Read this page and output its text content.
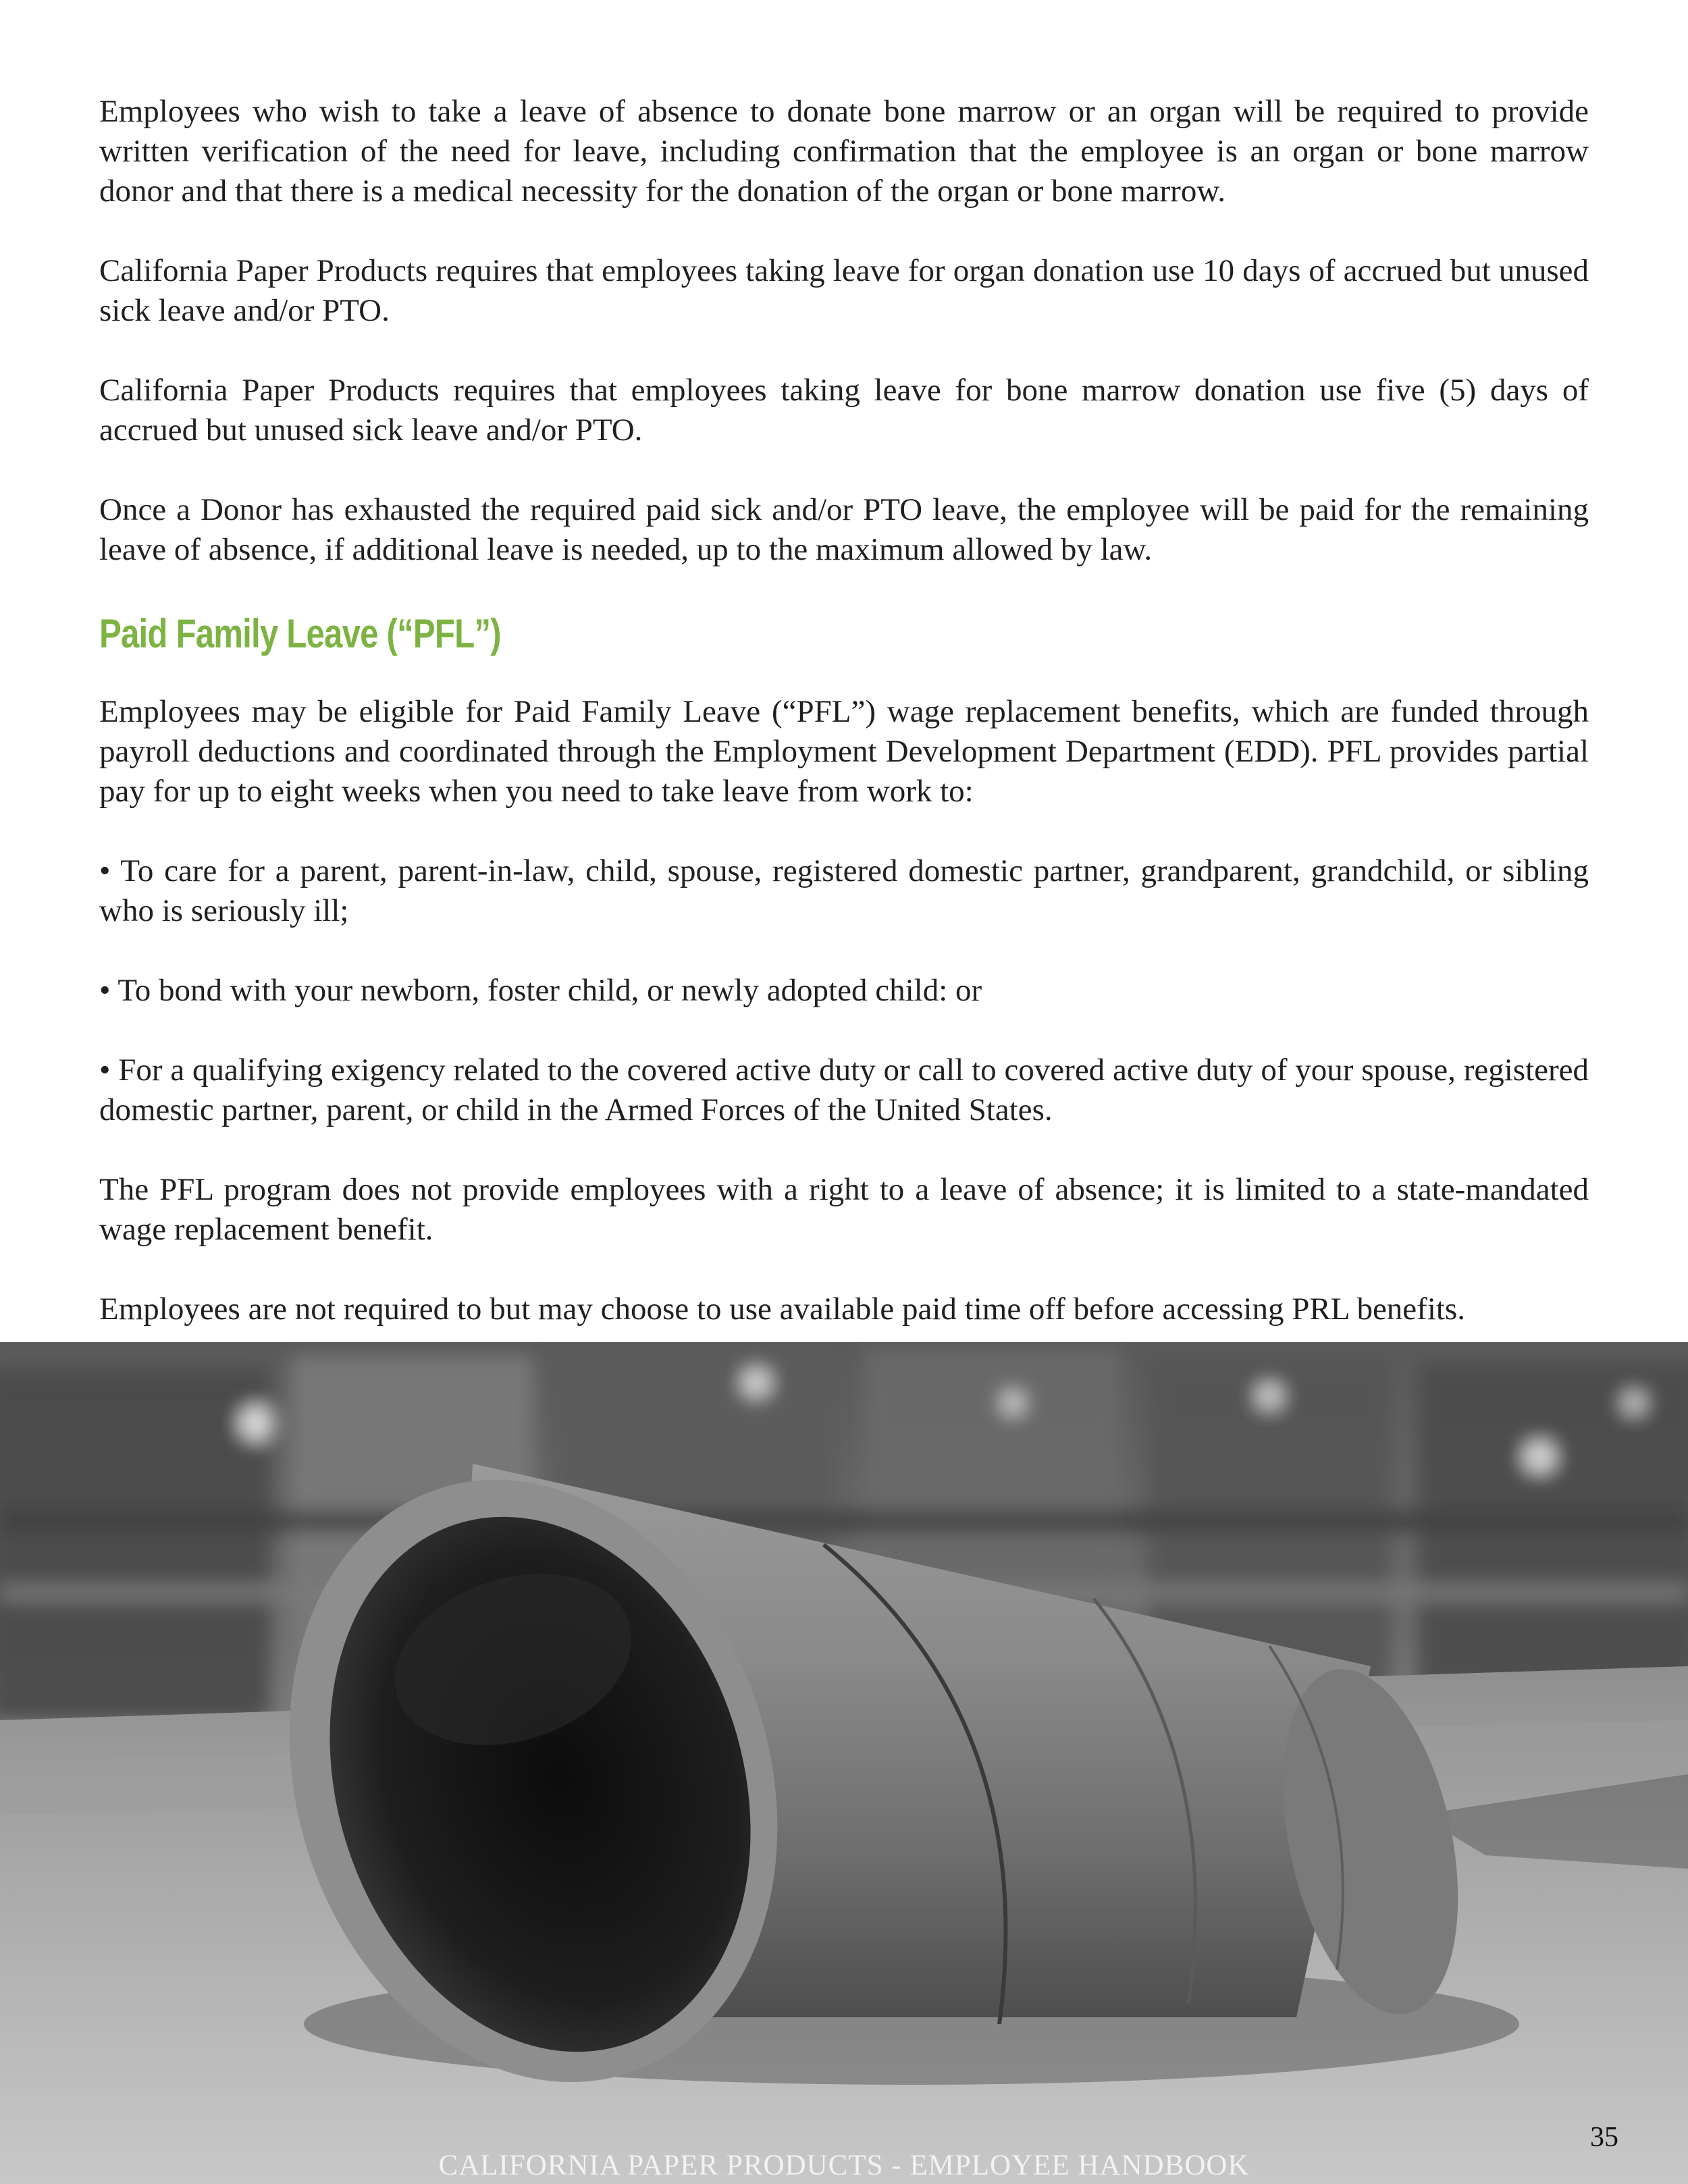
Employees who wish to take a leave of absence to donate bone marrow or an organ will be required to provide written verification of the need for leave, including confirmation that the employee is an organ or bone marrow donor and that there is a medical necessity for the donation of the organ or bone marrow.

California Paper Products requires that employees taking leave for organ donation use 10 days of accrued but unused sick leave and/or PTO.

California Paper Products requires that employees taking leave for bone marrow donation use five (5) days of accrued but unused sick leave and/or PTO.

Once a Donor has exhausted the required paid sick and/or PTO leave, the employee will be paid for the remaining leave of absence, if additional leave is needed, up to the maximum allowed by law.

Paid Family Leave (“PFL”)

Employees may be eligible for Paid Family Leave (“PFL”) wage replacement benefits, which are funded through payroll deductions and coordinated through the Employment Development Department (EDD). PFL provides partial pay for up to eight weeks when you need to take leave from work to:

• To care for a parent, parent-in-law, child, spouse, registered domestic partner, grandparent, grandchild, or sibling who is seriously ill;

• To bond with your newborn, foster child, or newly adopted child: or

• For a qualifying exigency related to the covered active duty or call to covered active duty of your spouse, registered domestic partner, parent, or child in the Armed Forces of the United States.

The PFL program does not provide employees with a right to a leave of absence; it is limited to a state-mandated wage replacement benefit.

Employees are not required to but may choose to use available paid time off before accessing PRL benefits.

CALIFORNIA PAPER PRODUCTS - EMPLOYEE HANDBOOK
35
